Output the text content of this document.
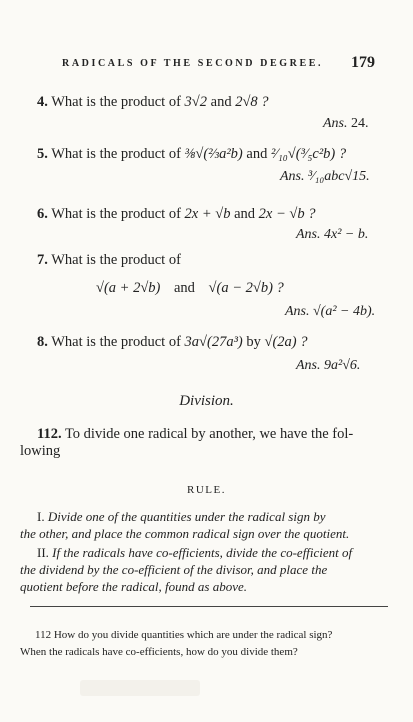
RADICALS OF THE SECOND DEGREE. 179
4. What is the product of 3√2 and 2√8 ?
Ans. 24.
5. What is the product of ⅜√(⅔a²b) and ²⁄₁₀√(³⁄₅c²b) ?
Ans. ³⁄₁₀abc√15.
6. What is the product of 2x + √b and 2x − √b ?
Ans. 4x² − b.
7. What is the product of
√(a + 2√b) and √(a − 2√b) ?
Ans. √(a² − 4b).
8. What is the product of 3a√(27a³) by √(2a) ?
Ans. 9a²√6.
Division.
112. To divide one radical by another, we have the fol-
lowing
RULE.
I. Divide one of the quantities under the radical sign by
the other, and place the common radical sign over the quotient.
II. If the radicals have co-efficients, divide the co-efficient of
the dividend by the co-efficient of the divisor, and place the
quotient before the radical, found as above.
112 How do you divide quantities which are under the radical sign?
When the radicals have co-efficients, how do you divide them?
